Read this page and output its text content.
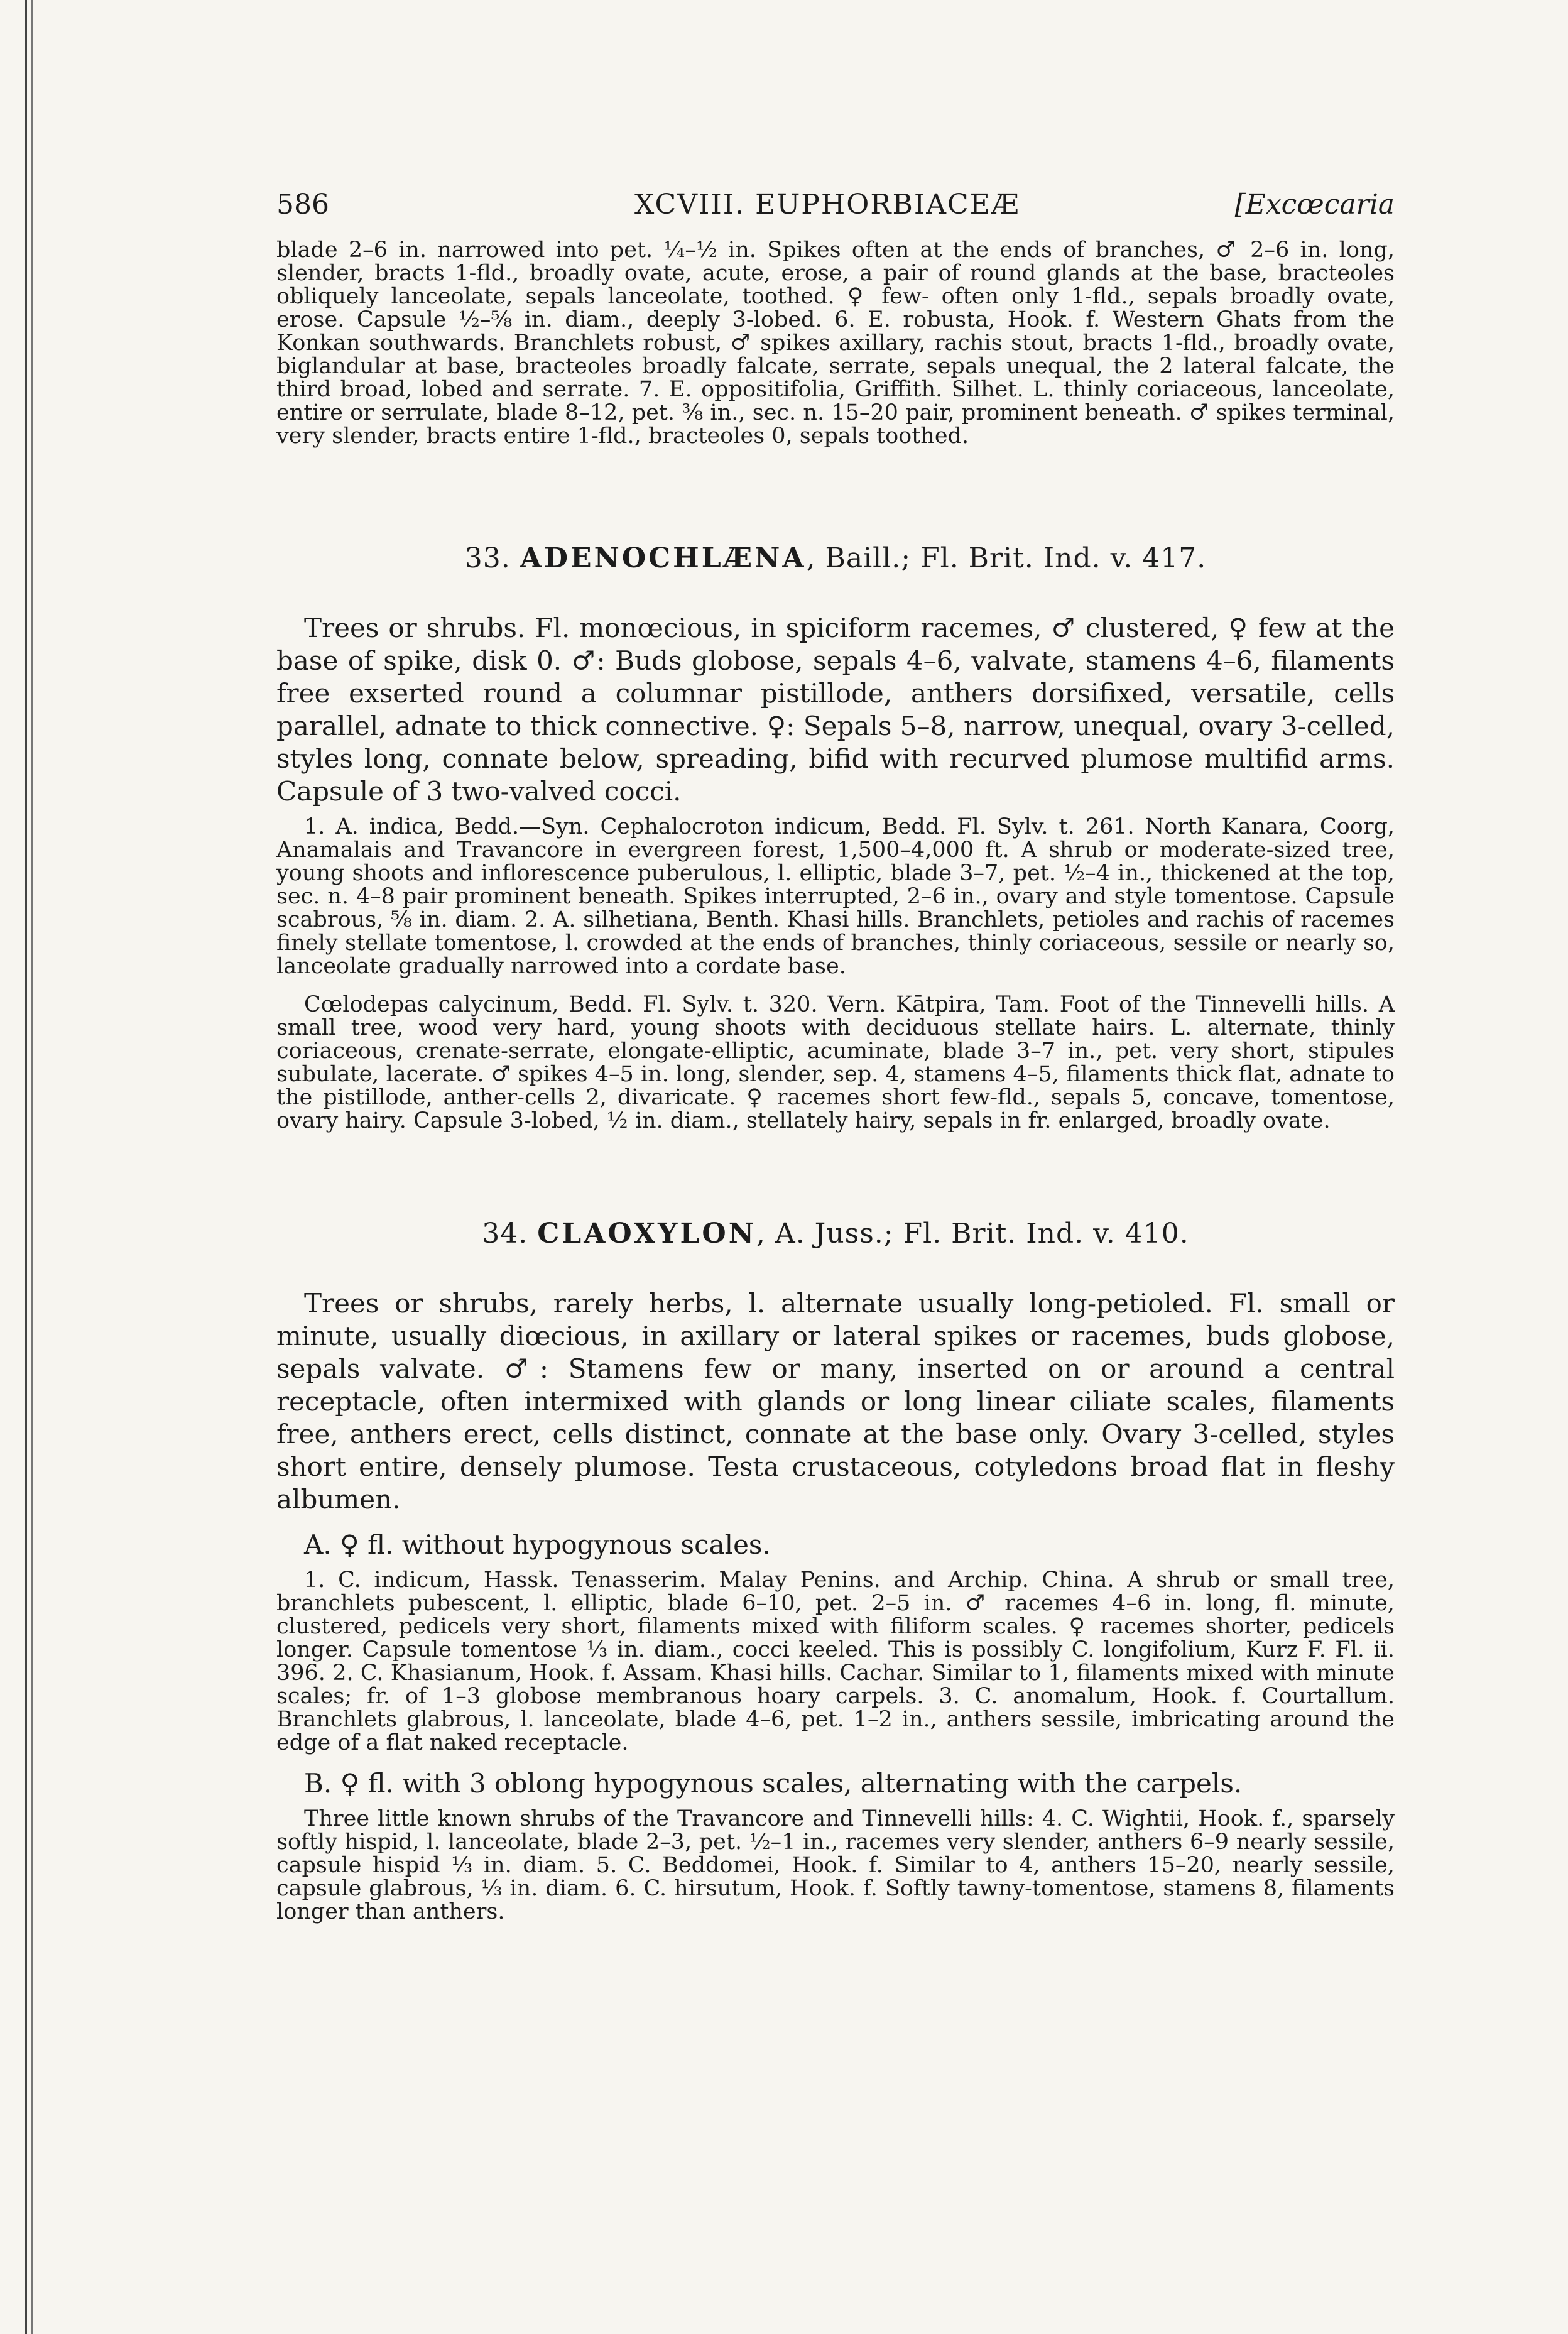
586	XCVIII. EUPHORBIACEÆ	[Excœcaria

blade 2–6 in. narrowed into pet. ¼–½ in. Spikes often at the ends of branches, ♂ 2–6 in. long, slender, bracts 1-fld., broadly ovate, acute, erose, a pair of round glands at the base, bracteoles obliquely lanceolate, sepals lanceolate, toothed. ♀ few- often only 1-fld., sepals broadly ovate, erose. Capsule ½–⅝ in. diam., deeply 3-lobed. 6. E. robusta, Hook. f. Western Ghats from the Konkan southwards. Branchlets robust, ♂ spikes axillary, rachis stout, bracts 1-fld., broadly ovate, biglandular at base, bracteoles broadly falcate, serrate, sepals unequal, the 2 lateral falcate, the third broad, lobed and serrate. 7. E. oppositifolia, Griffith. Silhet. L. thinly coriaceous, lanceolate, entire or serrulate, blade 8–12, pet. ⅜ in., sec. n. 15–20 pair, prominent beneath. ♂ spikes terminal, very slender, bracts entire 1-fld., bracteoles 0, sepals toothed.

33. ADENOCHLÆNA, Baill.; Fl. Brit. Ind. v. 417.

Trees or shrubs. Fl. monœcious, in spiciform racemes, ♂ clustered, ♀ few at the base of spike, disk 0. ♂: Buds globose, sepals 4–6, valvate, stamens 4–6, filaments free exserted round a columnar pistillode, anthers dorsifixed, versatile, cells parallel, adnate to thick connective. ♀: Sepals 5–8, narrow, unequal, ovary 3-celled, styles long, connate below, spreading, bifid with recurved plumose multifid arms. Capsule of 3 two-valved cocci.

1. A. indica, Bedd.—Syn. Cephalocroton indicum, Bedd. Fl. Sylv. t. 261. North Kanara, Coorg, Anamalais and Travancore in evergreen forest, 1,500–4,000 ft. A shrub or moderate-sized tree, young shoots and inflorescence puberulous, l. elliptic, blade 3–7, pet. ½–4 in., thickened at the top, sec. n. 4–8 pair prominent beneath. Spikes interrupted, 2–6 in., ovary and style tomentose. Capsule scabrous, ⅝ in. diam. 2. A. silhetiana, Benth. Khasi hills. Branchlets, petioles and rachis of racemes finely stellate tomentose, l. crowded at the ends of branches, thinly coriaceous, sessile or nearly so, lanceolate gradually narrowed into a cordate base.

Cœlodepas calycinum, Bedd. Fl. Sylv. t. 320. Vern. Kātpira, Tam. Foot of the Tinnevelli hills. A small tree, wood very hard, young shoots with deciduous stellate hairs. L. alternate, thinly coriaceous, crenate-serrate, elongate-elliptic, acuminate, blade 3–7 in., pet. very short, stipules subulate, lacerate. ♂ spikes 4–5 in. long, slender, sep. 4, stamens 4–5, filaments thick flat, adnate to the pistillode, anther-cells 2, divaricate. ♀ racemes short few-fld., sepals 5, concave, tomentose, ovary hairy. Capsule 3-lobed, ½ in. diam., stellately hairy, sepals in fr. enlarged, broadly ovate.

34. CLAOXYLON, A. Juss.; Fl. Brit. Ind. v. 410.

Trees or shrubs, rarely herbs, l. alternate usually long-petioled. Fl. small or minute, usually diœcious, in axillary or lateral spikes or racemes, buds globose, sepals valvate. ♂: Stamens few or many, inserted on or around a central receptacle, often intermixed with glands or long linear ciliate scales, filaments free, anthers erect, cells distinct, connate at the base only. Ovary 3-celled, styles short entire, densely plumose. Testa crustaceous, cotyledons broad flat in fleshy albumen.

A. ♀ fl. without hypogynous scales.

1. C. indicum, Hassk. Tenasserim. Malay Penins. and Archip. China. A shrub or small tree, branchlets pubescent, l. elliptic, blade 6–10, pet. 2–5 in. ♂ racemes 4–6 in. long, fl. minute, clustered, pedicels very short, filaments mixed with filiform scales. ♀ racemes shorter, pedicels longer. Capsule tomentose ⅓ in. diam., cocci keeled. This is possibly C. longifolium, Kurz F. Fl. ii. 396. 2. C. Khasianum, Hook. f. Assam. Khasi hills. Cachar. Similar to 1, filaments mixed with minute scales; fr. of 1–3 globose membranous hoary carpels. 3. C. anomalum, Hook. f. Courtallum. Branchlets glabrous, l. lanceolate, blade 4–6, pet. 1–2 in., anthers sessile, imbricating around the edge of a flat naked receptacle.

B. ♀ fl. with 3 oblong hypogynous scales, alternating with the carpels.

Three little known shrubs of the Travancore and Tinnevelli hills: 4. C. Wightii, Hook. f., sparsely softly hispid, l. lanceolate, blade 2–3, pet. ½–1 in., racemes very slender, anthers 6–9 nearly sessile, capsule hispid ⅓ in. diam. 5. C. Beddomei, Hook. f. Similar to 4, anthers 15–20, nearly sessile, capsule glabrous, ⅓ in. diam. 6. C. hirsutum, Hook. f. Softly tawny-tomentose, stamens 8, filaments longer than anthers.
